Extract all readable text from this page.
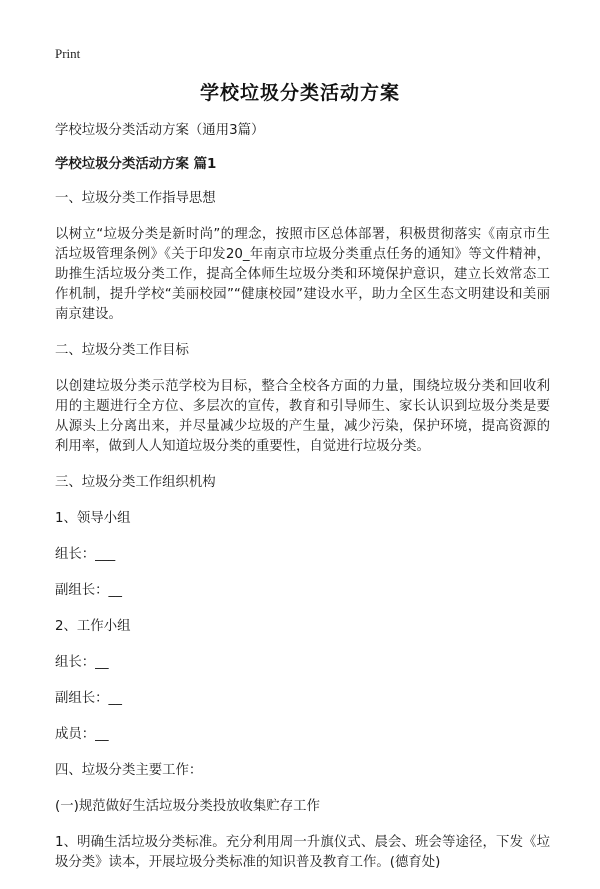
Print
学校垃圾分类活动方案

学校垃圾分类活动方案（通用3篇）

学校垃圾分类活动方案 篇1

一、垃圾分类工作指导思想

以树立“垃圾分类是新时尚”的理念，按照市区总体部署，积极贯彻落实《南京市生活垃圾管理条例》《关于印发20_年南京市垃圾分类重点任务的通知》等文件精神，助推生活垃圾分类工作，提高全体师生垃圾分类和环境保护意识，建立长效常态工作机制，提升学校“美丽校园”“健康校园”建设水平，助力全区生态文明建设和美丽南京建设。

二、垃圾分类工作目标

以创建垃圾分类示范学校为目标，整合全校各方面的力量，围绕垃圾分类和回收利用的主题进行全方位、多层次的宣传，教育和引导师生、家长认识到垃圾分类是要从源头上分离出来，并尽量减少垃圾的产生量，减少污染，保护环境，提高资源的利用率，做到人人知道垃圾分类的重要性，自觉进行垃圾分类。

三、垃圾分类工作组织机构

1、领导小组

组长：___

副组长：__

2、工作小组

组长：__

副组长：__

成员：__

四、垃圾分类主要工作：

(一)规范做好生活垃圾分类投放收集贮存工作

1、明确生活垃圾分类标准。充分利用周一升旗仪式、晨会、班会等途径，下发《垃圾分类》读本，开展垃圾分类标准的知识普及教育工作。(德育处)
